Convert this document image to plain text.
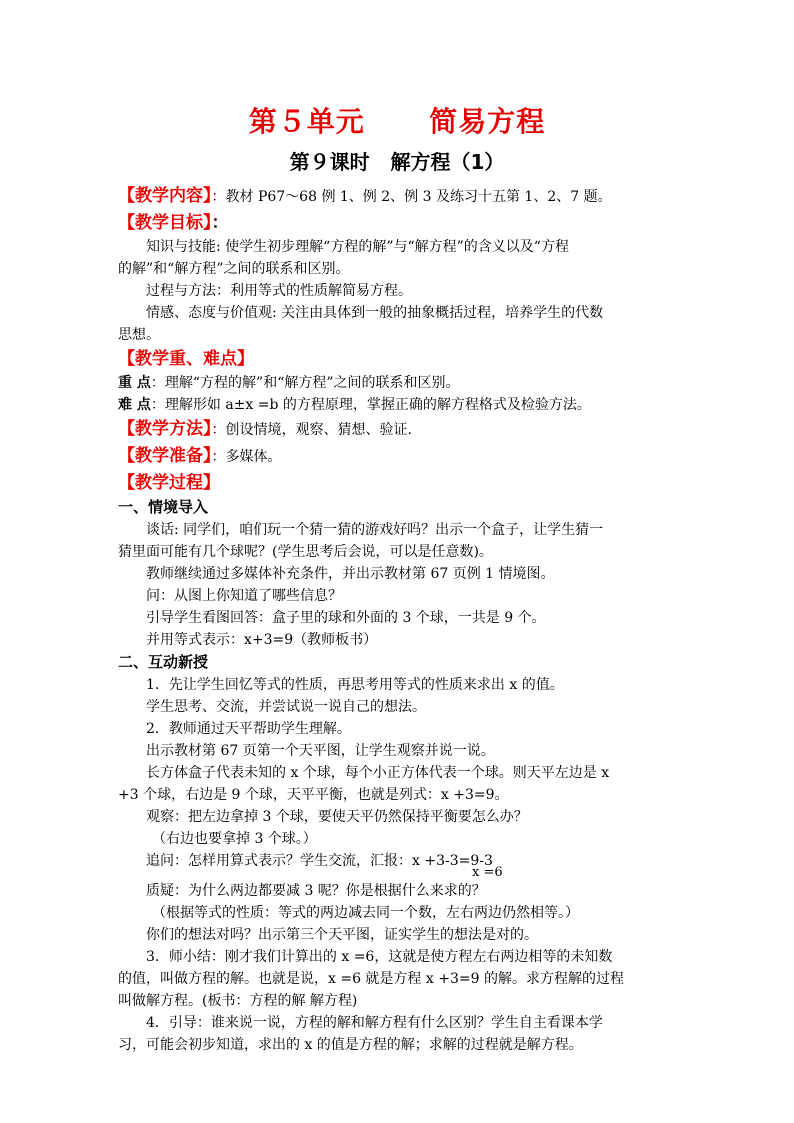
第５单元      简易方程
第９课时   解方程（1）
【教学内容】：教材 P67～68 例 1、例 2、例 3 及练习十五第 1、2、7 题。
【教学目标】：
知识与技能: 使学生初步理解“方程的解”与“解方程”的含义以及“方程
的解”和“解方程”之间的联系和区别。
过程与方法：利用等式的性质解简易方程。
情感、态度与价值观: 关注由具体到一般的抽象概括过程，培养学生的代数
思想。
【教学重、难点】
重 点：理解“方程的解”和“解方程”之间的联系和区别。
难 点：理解形如 a±x =b 的方程原理，掌握正确的解方程格式及检验方法。
【教学方法】：创设情境，观察、猜想、验证.
【教学准备】：多媒体。
【教学过程】
一、情境导入
谈话: 同学们，咱们玩一个猜一猜的游戏好吗？出示一个盒子，让学生猜一
猜里面可能有几个球呢？(学生思考后会说，可以是任意数)。
教师继续通过多媒体补充条件，并出示教材第 67 页例 1 情境图。
问：从图上你知道了哪些信息？
引导学生看图回答：盒子里的球和外面的 3 个球，一共是 9 个。
并用等式表示：x+3=9（教师板书）
二、互动新授
1．先让学生回忆等式的性质，再思考用等式的性质来求出 x 的值。
学生思考、交流，并尝试说一说自己的想法。
2．教师通过天平帮助学生理解。
出示教材第 67 页第一个天平图，让学生观察并说一说。
长方体盒子代表未知的 x 个球，每个小正方体代表一个球。则天平左边是 x
+3 个球，右边是 9 个球，天平平衡，也就是列式：x +3=9。
观察：把左边拿掉 3 个球，要使天平仍然保持平衡要怎么办？
（右边也要拿掉 3 个球。）
追问：怎样用算式表示？学生交流，汇报：x +3-3=9-3
x =6
质疑：为什么两边都要减 3 呢？你是根据什么来求的？
（根据等式的性质：等式的两边减去同一个数，左右两边仍然相等。）
你们的想法对吗？出示第三个天平图，证实学生的想法是对的。
3．师小结：刚才我们计算出的 x =6，这就是使方程左右两边相等的未知数
的值，叫做方程的解。也就是说，x =6 就是方程 x +3=9 的解。求方程解的过程
叫做解方程。(板书：方程的解 解方程)
4．引导：谁来说一说，方程的解和解方程有什么区别？学生自主看课本学
习，可能会初步知道，求出的 x 的值是方程的解；求解的过程就是解方程。
